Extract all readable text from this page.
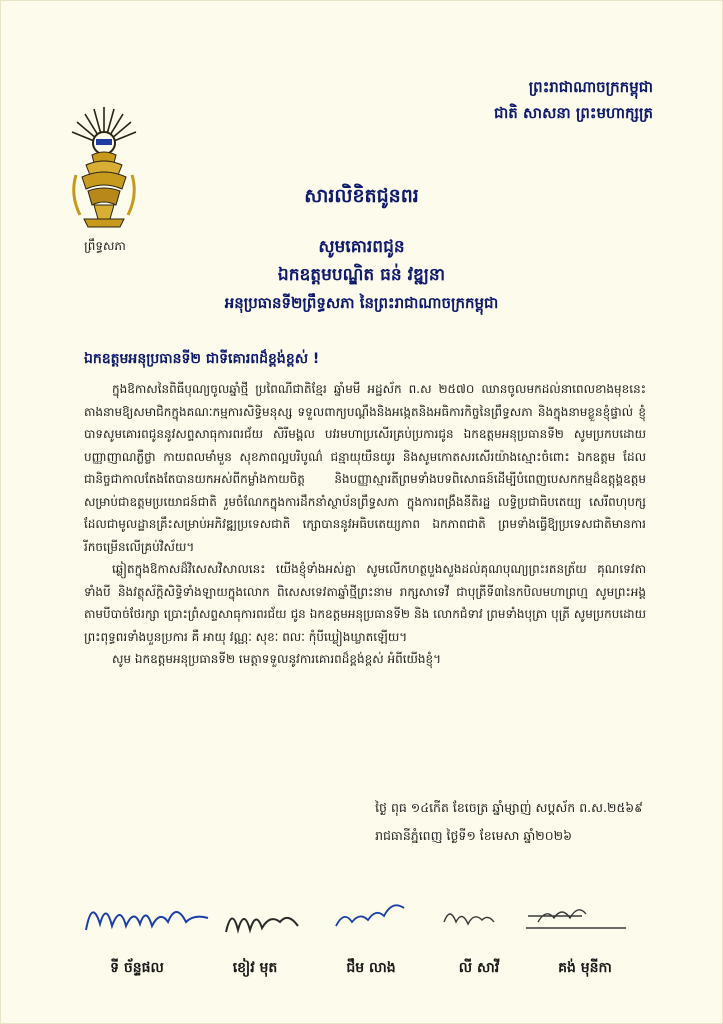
ព្រឹទ្ធសភា
ព្រះរាជាណាចក្រកម្ពុជា
ជាតិ សាសនា ព្រះមហាក្សត្រ
សារលិខិតជូនពរ
សូមគោរពជូន
ឯកឧត្តមបណ្ឌិត ធន់ វឌ្ឍនា
អនុប្រធានទី២ព្រឹទ្ធសភា នៃព្រះរាជាណាចក្រកម្ពុជា
ឯកឧត្តមអនុប្រធានទី២ ជាទីគោរពដ៏ខ្ពង់ខ្ពស់ !

ក្នុងឱកាសនៃពិធីបុណ្យចូលឆ្នាំថ្មី ប្រពៃណីជាតិខ្មែរ ឆ្នាំមមី អដ្ឋស័ក ព.ស ២៥៧០ ឈានចូលមកដល់នាពេលខាងមុខនេះ តាងនាមឱ្យសមាជិកក្នុងគណៈកម្មការសិទ្ធិមនុស្ស ទទួលពាក្យបណ្តឹងនិងអង្កេតនិងអធិការកិច្ចនៃព្រឹទ្ធសភា និងក្នុងនាមខ្លួនខ្ញុំផ្ទាល់ ខ្ញុំបាទសូមគោរពជូននូវសព្ទសាធុការពរជ័យ សិរីមង្គល បវរមហាប្រសើរគ្រប់ប្រការជូន ឯកឧត្តមអនុប្រធានទី២ សូមប្រកបដោយបញ្ញាញាណភ្លឺថ្លា កាយពលមាំមួន សុខភាពល្អបរិបូណ៌ ជន្មាយុយឺនយូរ និងសូមកោតសរសើរយ៉ាងស្មោះចំពោះ ឯកឧត្តម ដែលជានិច្ចជាកាលតែងតែបានយកអស់ពីកម្លាំងកាយចិត្ត និងបញ្ញាស្មារតីព្រមទាំងបទពិសោធន៍ដើម្បីបំពេញបេសកកម្មដ៏ឧត្តុង្គឧត្តមសម្រាប់ជាឧត្តមប្រយោជន៍ជាតិ រួមចំណែកក្នុងការដឹកនាំស្ថាប័នព្រឹទ្ធសភា ក្នុងការពង្រឹងនីតិរដ្ឋ លទ្ធិប្រជាធិបតេយ្យ សេរីពហុបក្ស ដែលជាមូលដ្ឋានគ្រឹះសម្រាប់អភិវឌ្ឍប្រទេសជាតិ ក្សោបាននូវអធិបតេយ្យភាព ឯកភាពជាតិ ព្រមទាំងធ្វើឱ្យប្រទេសជាតិមានការរីកចម្រើនលើគ្រប់វិស័យ។

ឆ្លៀតក្នុងឱកាសដ៏វិសេសវិសាលនេះ យើងខ្ញុំទាំងអស់គ្នា សូមលើកហត្ថបួងសួងដល់គុណបុណ្យព្រះរតនត្រ័យ គុណទេវតាទាំងបី និងវត្ថុស័ក្តិសិទ្ធិទាំងឡាយក្នុងលោក ពិសេសទេវតាឆ្នាំថ្មីព្រះនាម រាក្សសាទេវី ជាបុត្រីទី៣នៃកបិលមហាព្រហ្ម សូមព្រះអង្គតាមបីបាច់ថែរក្សា ប្រោះព្រំសព្ទសាធុការពរជ័យ ជូន ឯកឧត្តមអនុប្រធានទី២ និង លោកជំទាវ ព្រមទាំងបុត្រា បុត្រី សូមប្រកបដោយព្រះពុទ្ធពរទាំងបួនប្រការ គឺ អាយុ វណ្ណៈ សុខៈ ពលៈ កុំបីឃ្លៀងឃ្លាតឡើយ។

សូម ឯកឧត្តមអនុប្រធានទី២ មេត្តាទទួលនូវការគោរពដ៏ខ្ពង់ខ្ពស់ អំពីយើងខ្ញុំ។

ថ្ងៃ ពុធ ១៤កើត ខែចេត្រ ឆ្នាំម្សាញ់ សប្តស័ក ព.ស.២៥៦៩
រាជធានីភ្នំពេញ ថ្ងៃទី១ ខែមេសា ឆ្នាំ២០២៦
ទី ច័ន្ទផល	ខៀវ មុត	ជឹម លាង	លី សាវី	គង់ មុនីកា
